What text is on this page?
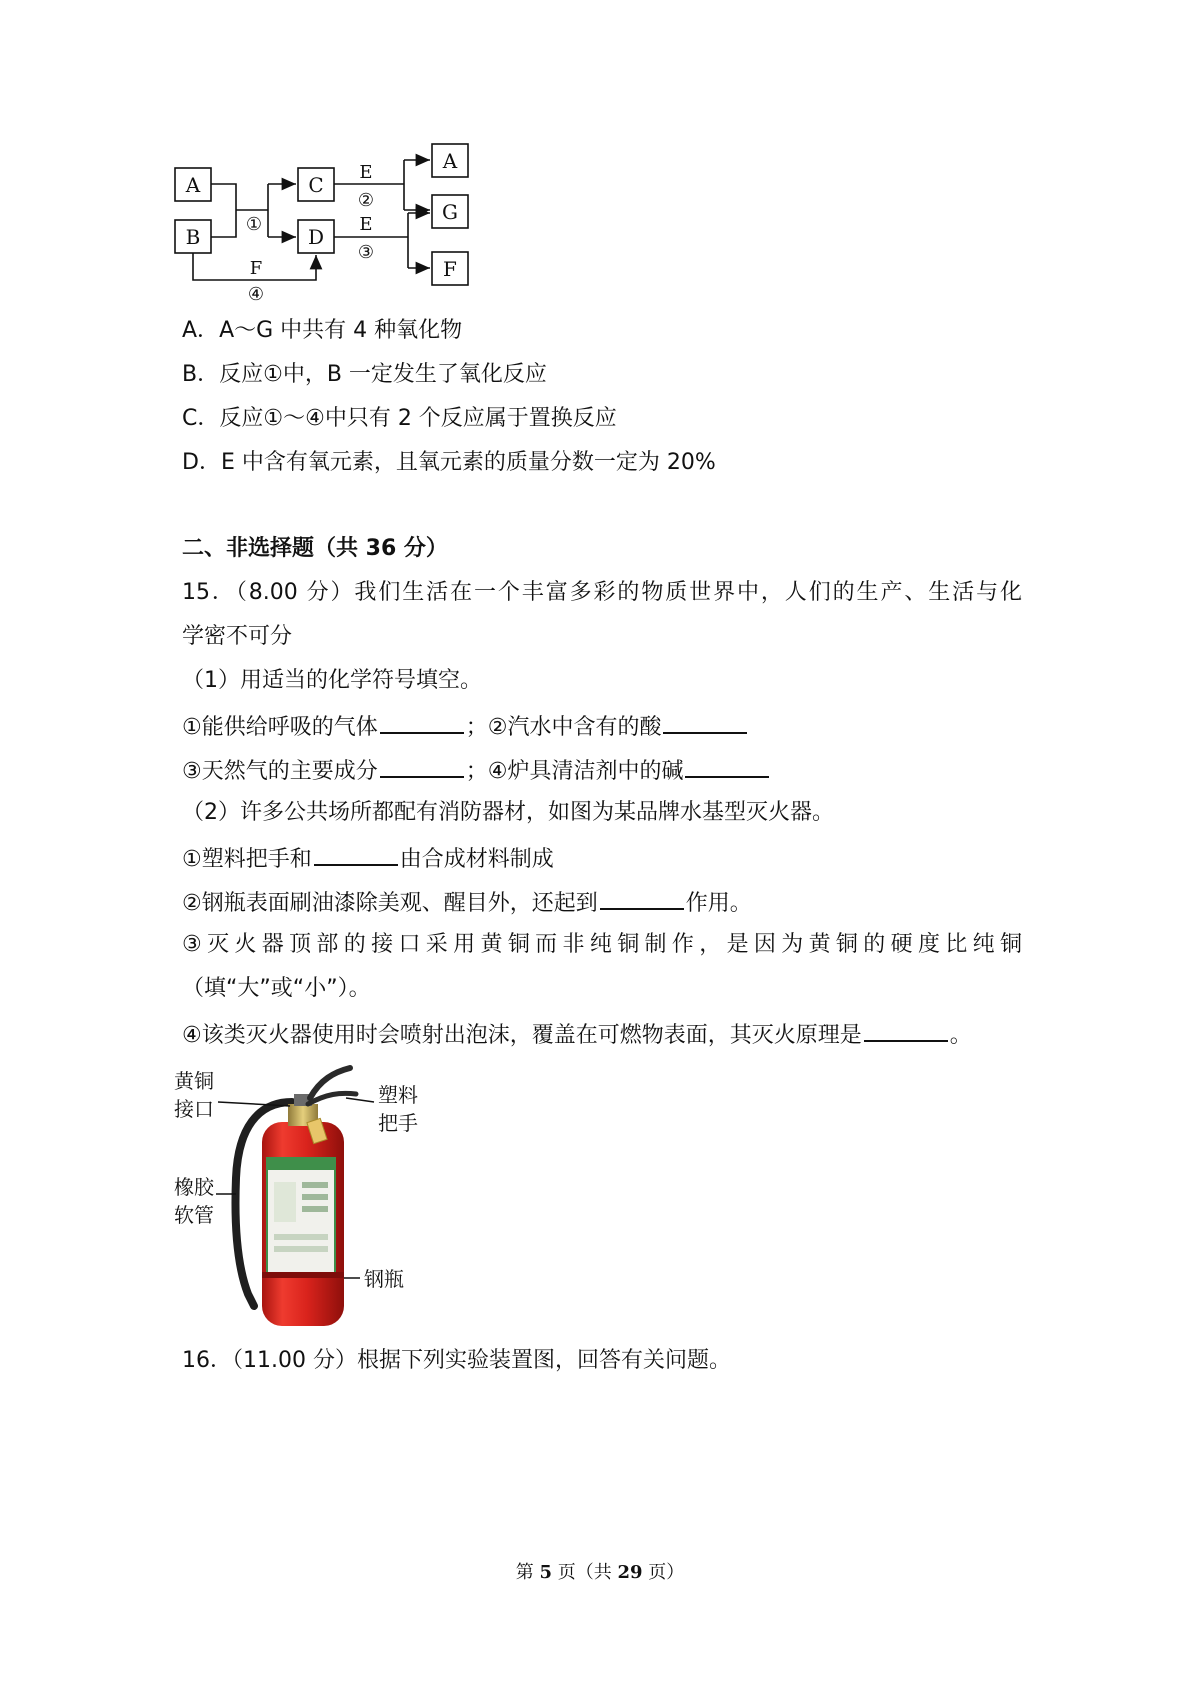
A
B
C
D
A
G
F
①
E
②
E
③
F
④
A．A～G 中共有 4 种氧化物
B．反应①中，B 一定发生了氧化反应
C．反应①～④中只有 2 个反应属于置换反应
D．E 中含有氧元素，且氧元素的质量分数一定为 20%
二、非选择题（共 36 分）
15．（8.00 分）我们生活在一个丰富多彩的物质世界中，人们的生产、生活与化
学密不可分
（1）用适当的化学符号填空。
①能供给呼吸的气体	；②汽水中含有的酸
③天然气的主要成分	；④炉具清洁剂中的碱
（2）许多公共场所都配有消防器材，如图为某品牌水基型灭火器。
①塑料把手和	由合成材料制成
②钢瓶表面刷油漆除美观、醒目外，还起到	作用。
③灭火器顶部的接口采用黄铜而非纯铜制作，是因为黄铜的硬度比纯铜
（填“大”或“小”）。
④该类灭火器使用时会喷射出泡沫，覆盖在可燃物表面，其灭火原理是	。
黄铜
接口
塑料
把手
橡胶
软管
钢瓶
16．（11.00 分）根据下列实验装置图，回答有关问题。
第 5 页（共 29 页）
